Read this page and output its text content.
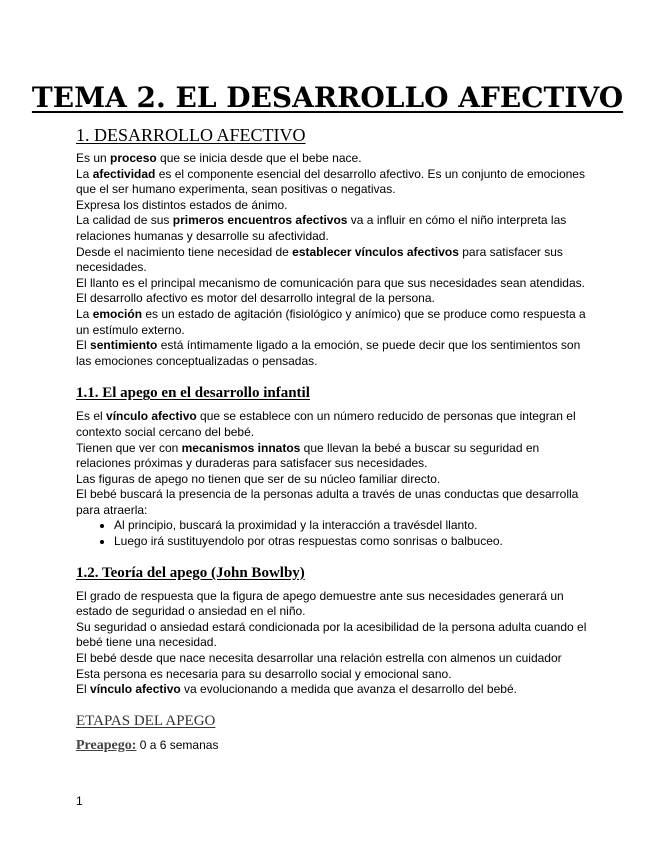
TEMA 2. EL DESARROLLO AFECTIVO
1. DESARROLLO AFECTIVO

Es un proceso que se inicia desde que el bebe nace.

La afectividad es el componente esencial del desarrollo afectivo. Es un conjunto de emociones que el ser humano experimenta, sean positivas o negativas.

Expresa los distintos estados de ánimo.

La calidad de sus primeros encuentros afectivos va a influir en cómo el niño interpreta las relaciones humanas y desarrolle su afectividad.

Desde el nacimiento tiene necesidad de establecer vínculos afectivos para satisfacer sus necesidades.

El llanto es el principal mecanismo de comunicación para que sus necesidades sean atendidas.

El desarrollo afectivo es motor del desarrollo integral de la persona.

La emoción es un estado de agitación (fisiológico y anímico) que se produce como respuesta a un estímulo externo.

El sentimiento está íntimamente ligado a la emoción, se puede decir que los sentimientos son las emociones conceptualizadas o pensadas.

1.1. El apego en el desarrollo infantil

Es el vínculo afectivo que se establece con un número reducido de personas que integran el contexto social cercano del bebé.

Tienen que ver con mecanismos innatos que llevan la bebé a buscar su seguridad en relaciones próximas y duraderas para satisfacer sus necesidades.

Las figuras de apego no tienen que ser de su núcleo familiar directo.

El bebé buscará la presencia de la personas adulta a través de unas conductas que desarrolla para atraerla:

• Al principio, buscará la proximidad y la interacción a travésdel llanto.
• Luego irá sustituyendolo por otras respuestas como sonrisas o balbuceo.
1.2. Teoría del apego (John Bowlby)

El grado de respuesta que la figura de apego demuestre ante sus necesidades generará un estado de seguridad o ansiedad en el niño.

Su seguridad o ansiedad estará condicionada por la acesibilidad de la persona adulta cuando el bebé tiene una necesidad.

El bebé desde que nace necesita desarrollar una relación estrella con almenos un cuidador

Esta persona es necesaria para su desarrollo social y emocional sano.

El vínculo afectivo va evolucionando a medida que avanza el desarrollo del bebé.

ETAPAS DEL APEGO

Preapego: 0 a 6 semanas

1
